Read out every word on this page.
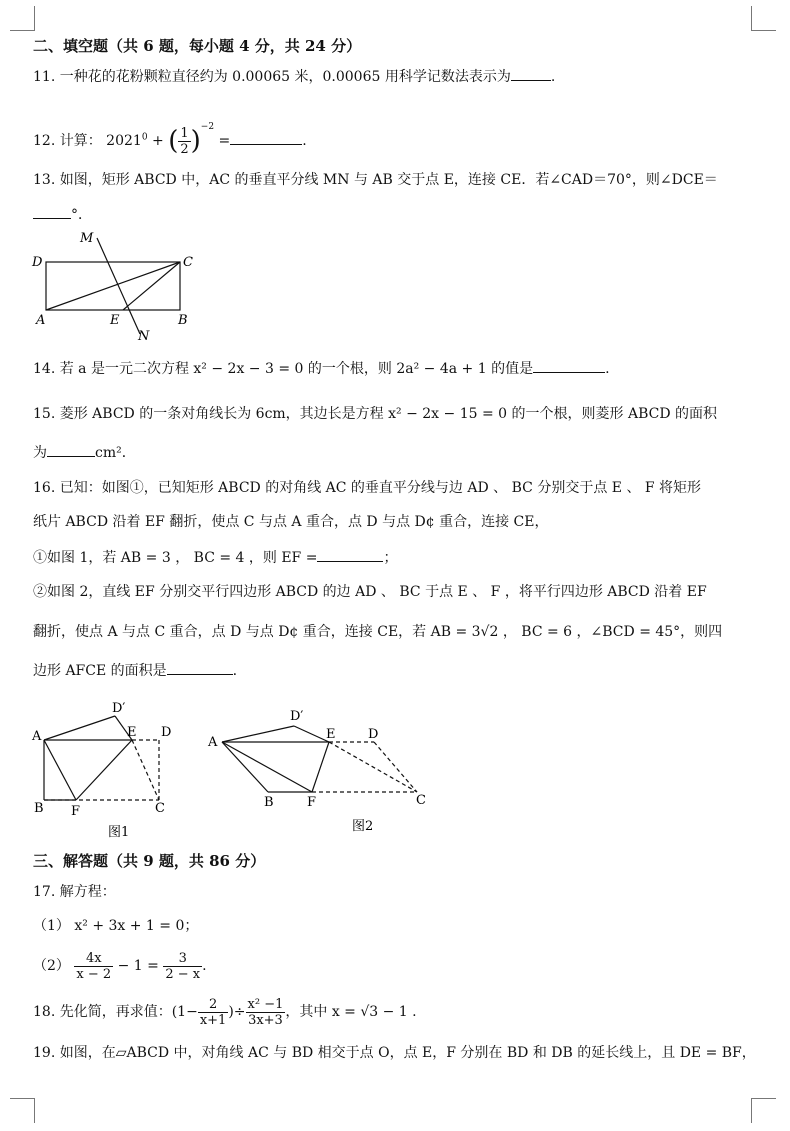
二、填空题（共 6 题，每小题 4 分，共 24 分）
11. 一种花的花粉颗粒直径约为 0.00065 米，0.00065 用科学记数法表示为	.
12. 计算： $2021^0$ + ( $\frac{1}{2} )^{-2}$ =	.
13. 如图，矩形 ABCD 中，AC 的垂直平分线 MN 与 AB 交于点 E，连接 CE．若∠CAD＝70°，则∠DCE＝
°．
D	C
A	B
E
M
N
14. 若 a 是一元二次方程 x² − 2x − 3 = 0 的一个根，则 2a² − 4a + 1 的值是	.
15. 菱形 ABCD 的一条对角线长为 6cm，其边长是方程 x² − 2x − 15 = 0 的一个根，则菱形 ABCD 的面积
为	cm²．
16. 已知：如图①，已知矩形 ABCD 的对角线 AC 的垂直平分线与边 AD 、 BC 分别交于点 E 、 F 将矩形
纸片 ABCD 沿着 EF 翻折，使点 C 与点 A 重合，点 D 与点 D¢ 重合，连接 CE，
①如图 1，若 AB = 3 ， BC = 4 ，则 EF =	；
②如图 2，直线 EF 分别交平行四边形 ABCD 的边 AD 、 BC 于点 E 、 F ，将平行四边形 ABCD 沿着 EF
翻折，使点 A 与点 C 重合，点 D 与点 D¢ 重合，连接 CE，若 AB = 3√2 ， BC = 6 ，∠BCD = 45°，则四
边形 AFCE 的面积是	.
A
B	C
D
E
F
D′
图1
A
B	C
D
E
F
D′
图2
三、解答题（共 9 题，共 86 分）
17. 解方程：
（1） x² + 3x + 1 = 0；
$(2) \frac{4x}{x - 2} - 1 = \frac{3}{2 - x}$ .
18. 先化简，再求值：($1- \frac{2}{x+1}$ )÷ $\frac{\text{x² −1}}{3x+3}$ ，其中 x = √3 − 1 .
19. 如图，在▱ABCD 中，对角线 AC 与 BD 相交于点 O，点 E，F 分别在 BD 和 DB 的延长线上，且 DE = BF，
